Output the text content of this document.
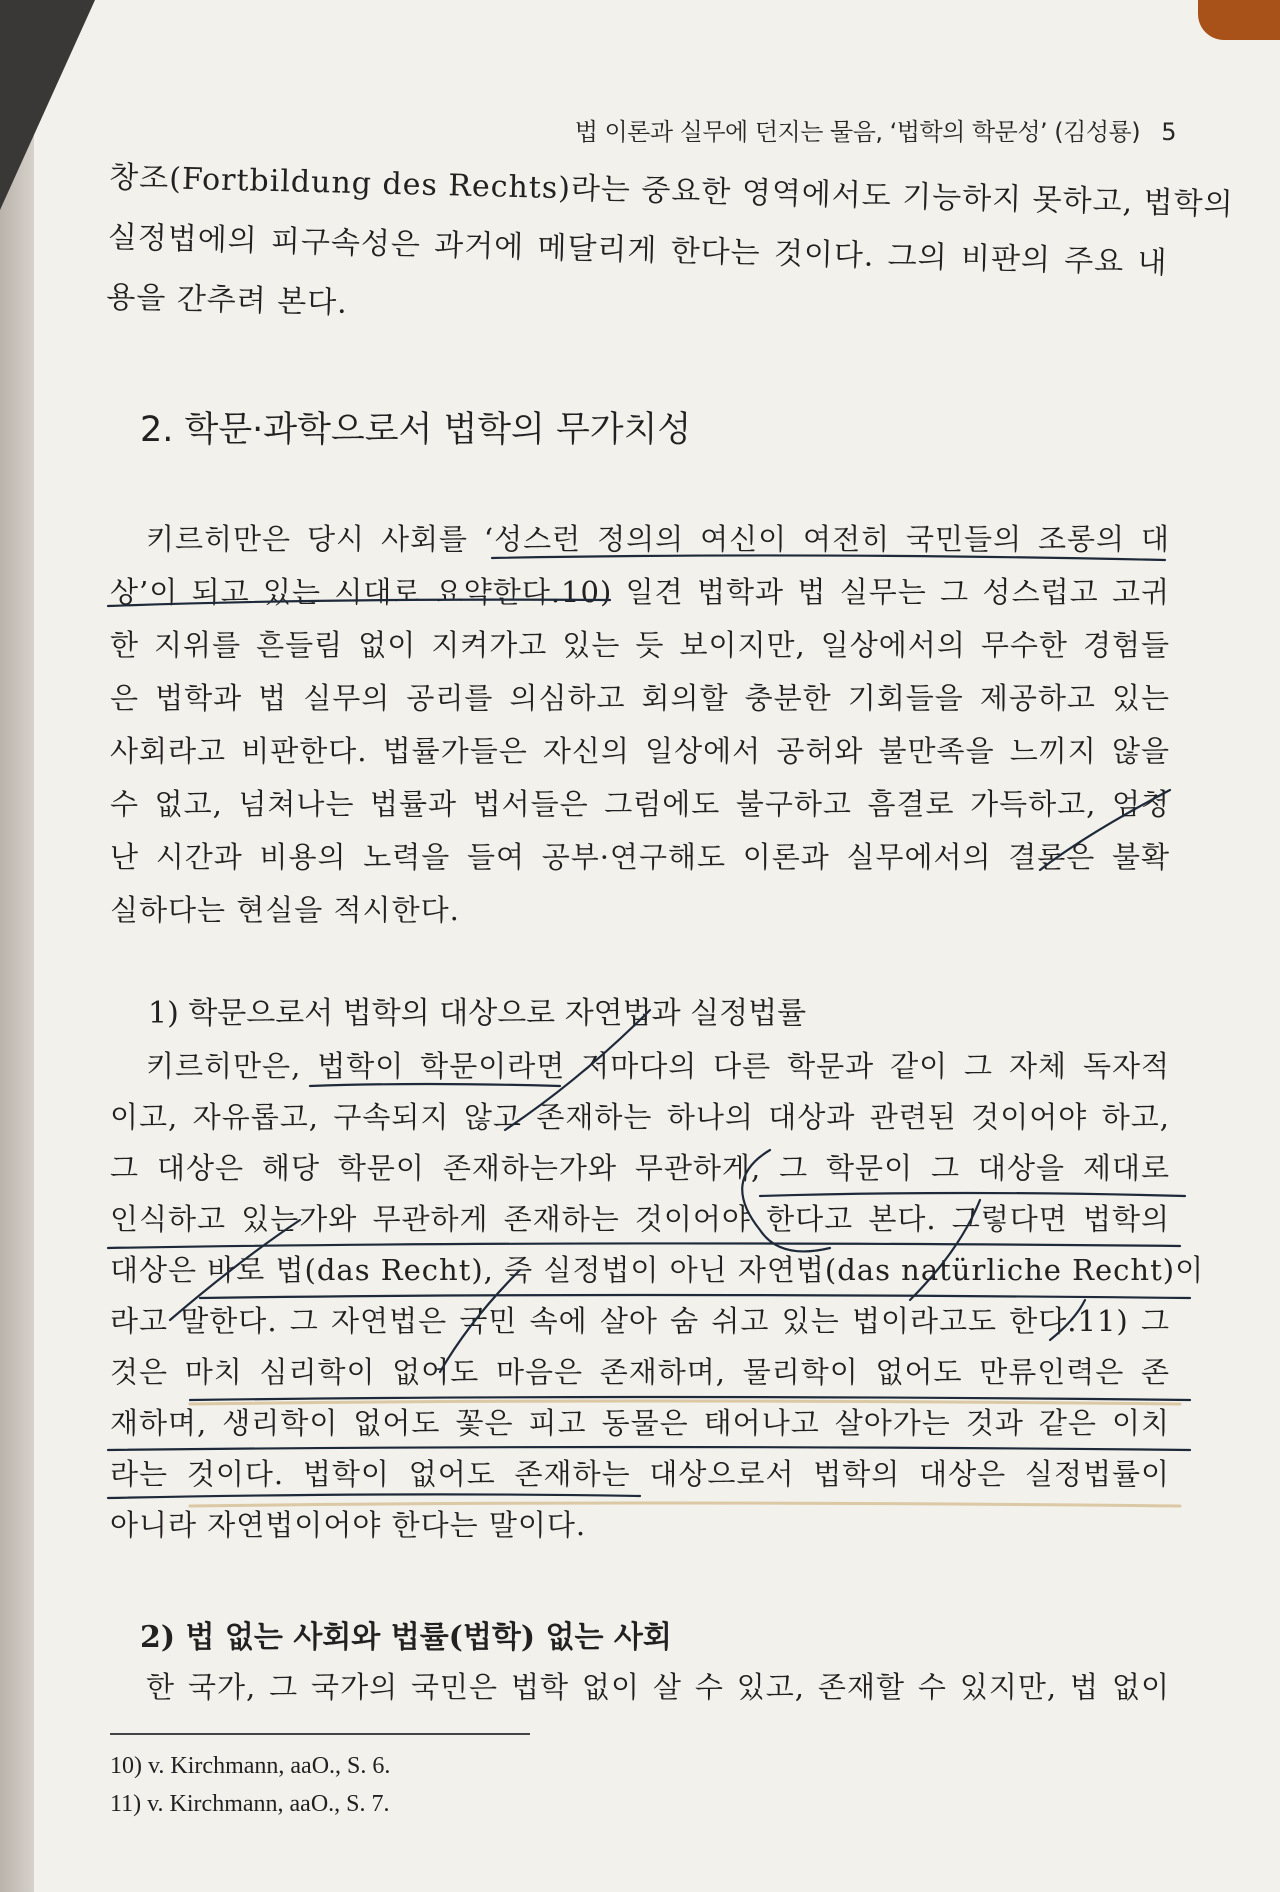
법 이론과 실무에 던지는 물음, ‘법학의 학문성’ (김성룡) 5
창조(Fortbildung des Rechts)라는 중요한 영역에서도 기능하지 못하고, 법학의
실정법에의 피구속성은 과거에 메달리게 한다는 것이다. 그의 비판의 주요 내
용을 간추려 본다.
2. 학문·과학으로서 법학의 무가치성
키르히만은 당시 사회를 ‘성스런 정의의 여신이 여전히 국민들의 조롱의 대
상’이 되고 있는 시대로 요약한다.10) 일견 법학과 법 실무는 그 성스럽고 고귀
한 지위를 흔들림 없이 지켜가고 있는 듯 보이지만, 일상에서의 무수한 경험들
은 법학과 법 실무의 공리를 의심하고 회의할 충분한 기회들을 제공하고 있는
사회라고 비판한다. 법률가들은 자신의 일상에서 공허와 불만족을 느끼지 않을
수 없고, 넘쳐나는 법률과 법서들은 그럼에도 불구하고 흠결로 가득하고, 엄청
난 시간과 비용의 노력을 들여 공부·연구해도 이론과 실무에서의 결론은 불확
실하다는 현실을 적시한다.
1) 학문으로서 법학의 대상으로 자연법과 실정법률
키르히만은, 법학이 학문이라면 저마다의 다른 학문과 같이 그 자체 독자적
이고, 자유롭고, 구속되지 않고 존재하는 하나의 대상과 관련된 것이어야 하고,
그 대상은 해당 학문이 존재하는가와 무관하게, 그 학문이 그 대상을 제대로
인식하고 있는가와 무관하게 존재하는 것이어야 한다고 본다. 그렇다면 법학의
대상은 바로 법(das Recht), 즉 실정법이 아닌 자연법(das natürliche Recht)이
라고 말한다. 그 자연법은 국민 속에 살아 숨 쉬고 있는 법이라고도 한다.11) 그
것은 마치 심리학이 없어도 마음은 존재하며, 물리학이 없어도 만류인력은 존
재하며, 생리학이 없어도 꽃은 피고 동물은 태어나고 살아가는 것과 같은 이치
라는 것이다. 법학이 없어도 존재하는 대상으로서 법학의 대상은 실정법률이
아니라 자연법이어야 한다는 말이다.
2) 법 없는 사회와 법률(법학) 없는 사회
한 국가, 그 국가의 국민은 법학 없이 살 수 있고, 존재할 수 있지만, 법 없이
10) v. Kirchmann, aaO., S. 6.
11) v. Kirchmann, aaO., S. 7.
